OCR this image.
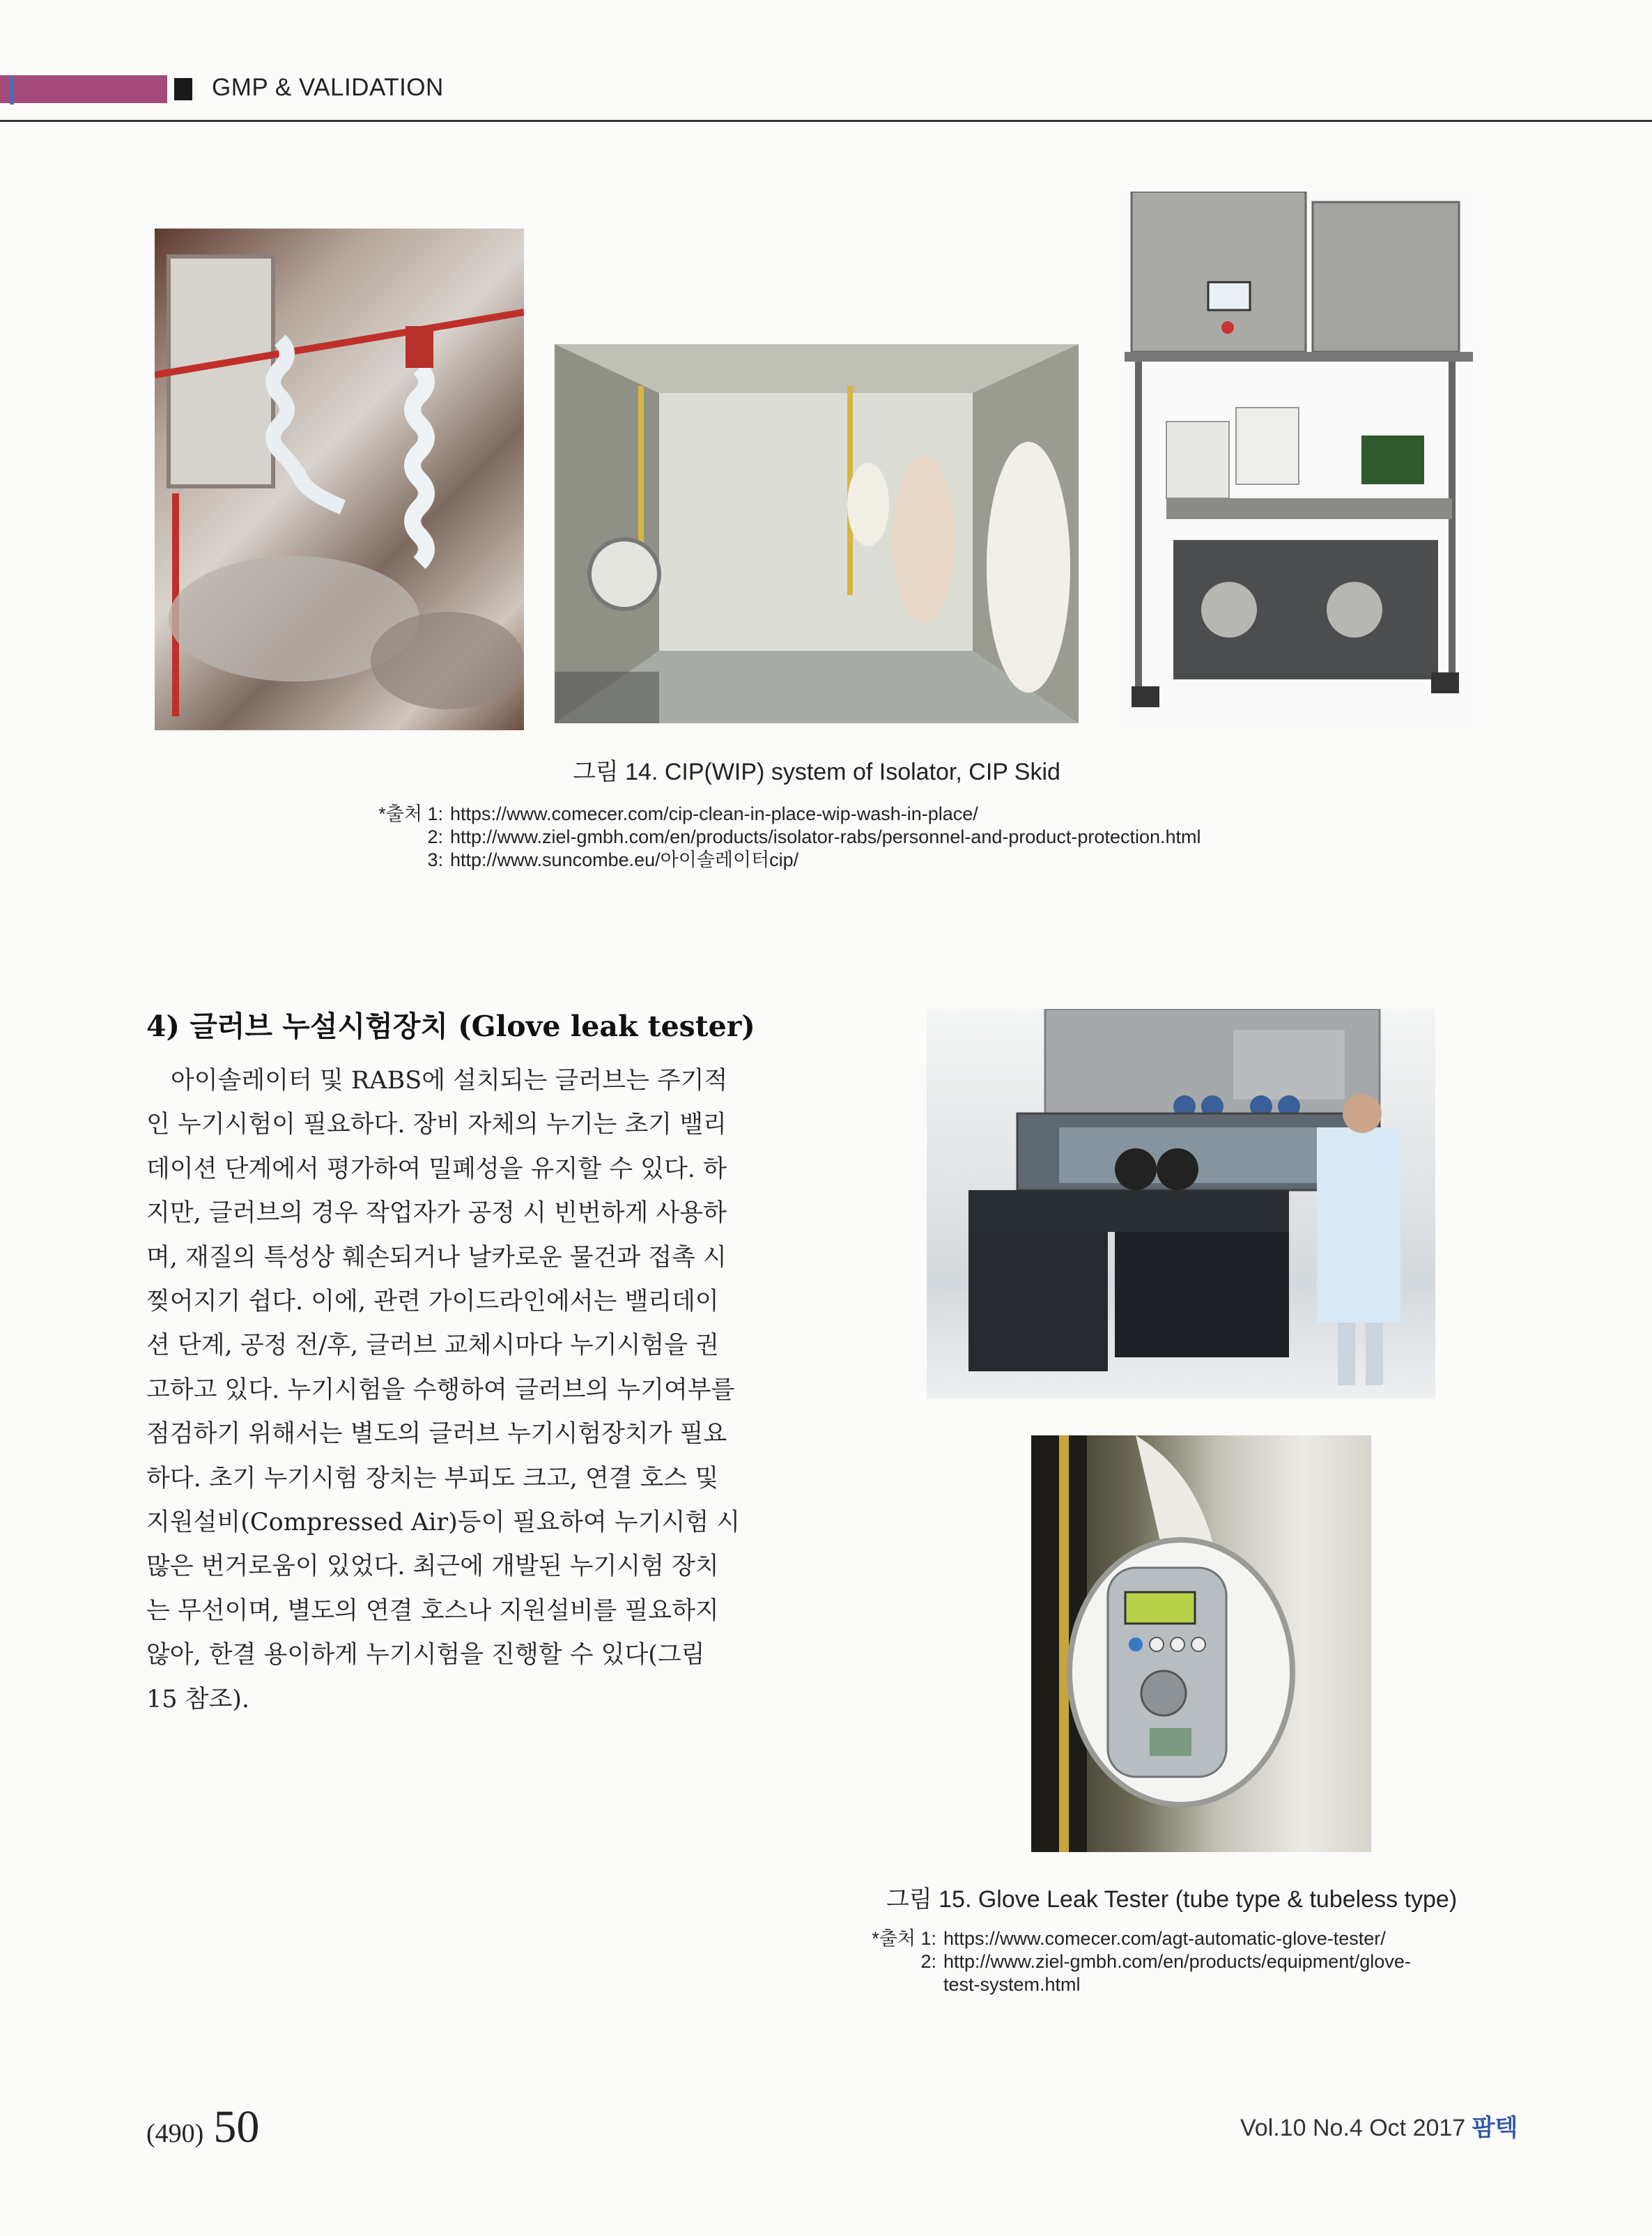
GMP & VALIDATION
그림 14. CIP(WIP) system of Isolator, CIP Skid
*출처 1: https://www.comecer.com/cip-clean-in-place-wip-wash-in-place/
2: http://www.ziel-gmbh.com/en/products/isolator-rabs/personnel-and-product-protection.html
3: http://www.suncombe.eu/아이솔레이터cip/
4) 글러브 누설시험장치 (Glove leak tester)
　아이솔레이터 및 RABS에 설치되는 글러브는 주기적
인 누기시험이 필요하다. 장비 자체의 누기는 초기 밸리
데이션 단계에서 평가하여 밀폐성을 유지할 수 있다. 하
지만, 글러브의 경우 작업자가 공정 시 빈번하게 사용하
며, 재질의 특성상 훼손되거나 날카로운 물건과 접촉 시
찢어지기 쉽다. 이에, 관련 가이드라인에서는 밸리데이
션 단계, 공정 전/후, 글러브 교체시마다 누기시험을 권
고하고 있다. 누기시험을 수행하여 글러브의 누기여부를
점검하기 위해서는 별도의 글러브 누기시험장치가 필요
하다. 초기 누기시험 장치는 부피도 크고, 연결 호스 및
지원설비(Compressed Air)등이 필요하여 누기시험 시
많은 번거로움이 있었다. 최근에 개발된 누기시험 장치
는 무선이며, 별도의 연결 호스나 지원설비를 필요하지
않아, 한결 용이하게 누기시험을 진행할 수 있다(그림
15 참조).
그림 15. Glove Leak Tester (tube type & tubeless type)
*출처 1: https://www.comecer.com/agt-automatic-glove-tester/
2: http://www.ziel-gmbh.com/en/products/equipment/glove-
test-system.html
(490) 50	Vol.10 No.4 Oct 2017 팜텍
